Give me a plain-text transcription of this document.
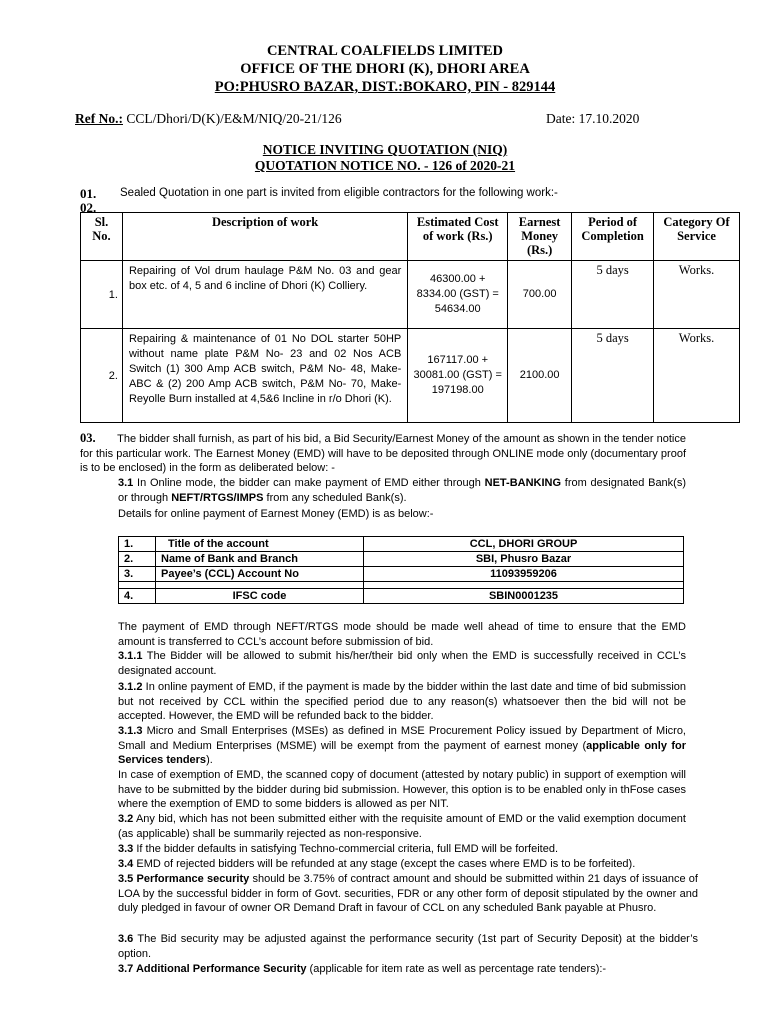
CENTRAL COALFIELDS LIMITED
OFFICE OF THE DHORI (K), DHORI AREA
PO:PHUSRO BAZAR, DIST.:BOKARO, PIN - 829144
Ref No.: CCL/Dhori/D(K)/E&M/NIQ/20-21/126	Date: 17.10.2020
NOTICE INVITING QUOTATION (NIQ)
QUOTATION NOTICE NO. - 126 of 2020-21
01. Sealed Quotation in one part is invited from eligible contractors for the following work:-
02.
Sl. No.	Description of work	Estimated Cost of work (Rs.)	Earnest Money (Rs.)	Period of Completion	Category Of Service
1.	Repairing of Vol drum haulage P&M No. 03 and gear box etc. of 4, 5 and 6 incline of Dhori (K) Colliery.	46300.00 + 8334.00 (GST) = 54634.00	700.00	5 days	Works.
2.	Repairing & maintenance of 01 No DOL starter 50HP without name plate P&M No- 23 and 02 Nos ACB Switch (1) 300 Amp ACB switch, P&M No- 48, Make- ABC & (2) 200 Amp ACB switch, P&M No- 70, Make- Reyolle Burn installed at 4,5&6 Incline in r/o Dhori (K).	167117.00 + 30081.00 (GST) = 197198.00	2100.00	5 days	Works.
03. The bidder shall furnish, as part of his bid, a Bid Security/Earnest Money of the amount as shown in the tender notice for this particular work. The Earnest Money (EMD) will have to be deposited through ONLINE mode only (documentary proof is to be enclosed) in the form as deliberated below: -
3.1 In Online mode, the bidder can make payment of EMD either through NET-BANKING from designated Bank(s) or through NEFT/RTGS/IMPS from any scheduled Bank(s).
Details for online payment of Earnest Money (EMD) is as below:-
1.	Title of the account	CCL, DHORI GROUP
2.	Name of Bank and Branch	SBI, Phusro Bazar
3.	Payee’s (CCL) Account No	11093959206

4.	IFSC code	SBIN0001235
The payment of EMD through NEFT/RTGS mode should be made well ahead of time to ensure that the EMD amount is transferred to CCL’s account before submission of bid.
3.1.1 The Bidder will be allowed to submit his/her/their bid only when the EMD is successfully received in CCL’s designated account.
3.1.2 In online payment of EMD, if the payment is made by the bidder within the last date and time of bid submission but not received by CCL within the specified period due to any reason(s) whatsoever then the bid will not be accepted. However, the EMD will be refunded back to the bidder.
3.1.3 Micro and Small Enterprises (MSEs) as defined in MSE Procurement Policy issued by Department of Micro, Small and Medium Enterprises (MSME) will be exempt from the payment of earnest money (applicable only for Services tenders).
In case of exemption of EMD, the scanned copy of document (attested by notary public) in support of exemption will have to be submitted by the bidder during bid submission. However, this option is to be enabled only in thFose cases where the exemption of EMD to some bidders is allowed as per NIT.
3.2 Any bid, which has not been submitted either with the requisite amount of EMD or the valid exemption document (as applicable) shall be summarily rejected as non-responsive.
3.3 If the bidder defaults in satisfying Techno-commercial criteria, full EMD will be forfeited.
3.4 EMD of rejected bidders will be refunded at any stage (except the cases where EMD is to be forfeited).
3.5 Performance security should be 3.75% of contract amount and should be submitted within 21 days of issuance of LOA by the successful bidder in form of Govt. securities, FDR or any other form of deposit stipulated by the owner and duly pledged in favour of owner OR Demand Draft in favour of CCL on any scheduled Bank payable at Phusro.
3.6 The Bid security may be adjusted against the performance security (1st part of Security Deposit) at the bidder’s option.
3.7 Additional Performance Security (applicable for item rate as well as percentage rate tenders):-
